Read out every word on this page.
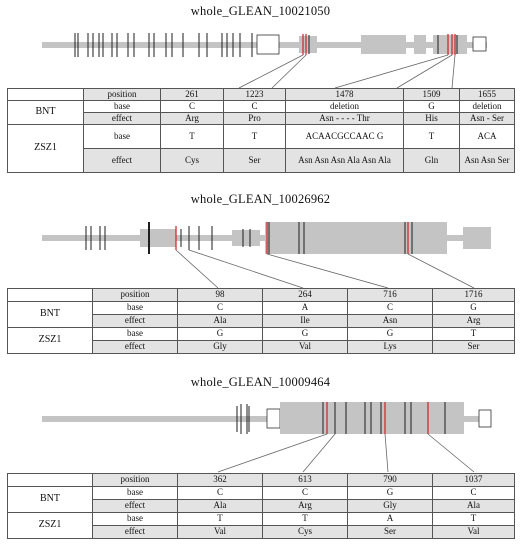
whole_GLEAN_10021050
	position	261	1223	1478	1509	1655
BNT	base	C	C	deletion	G	deletion
	effect	Arg	Pro	Asn - - - - Thr	His	Asn - Ser
ZSZ1	base	T	T	ACAACGCCAAC G	T	ACA
	effect	Cys	Ser	Asn Asn Asn Ala Asn Ala	Gln	Asn Asn Ser
whole_GLEAN_10026962
	position	98	264	716	1716
BNT	base	C	A	C	G
	effect	Ala	Ile	Asn	Arg
ZSZ1	base	G	G	G	T
	effect	Gly	Val	Lys	Ser
whole_GLEAN_10009464
	position	362	613	790	1037
BNT	base	C	C	G	C
	effect	Ala	Arg	Gly	Ala
ZSZ1	base	T	T	A	T
	effect	Val	Cys	Ser	Val
